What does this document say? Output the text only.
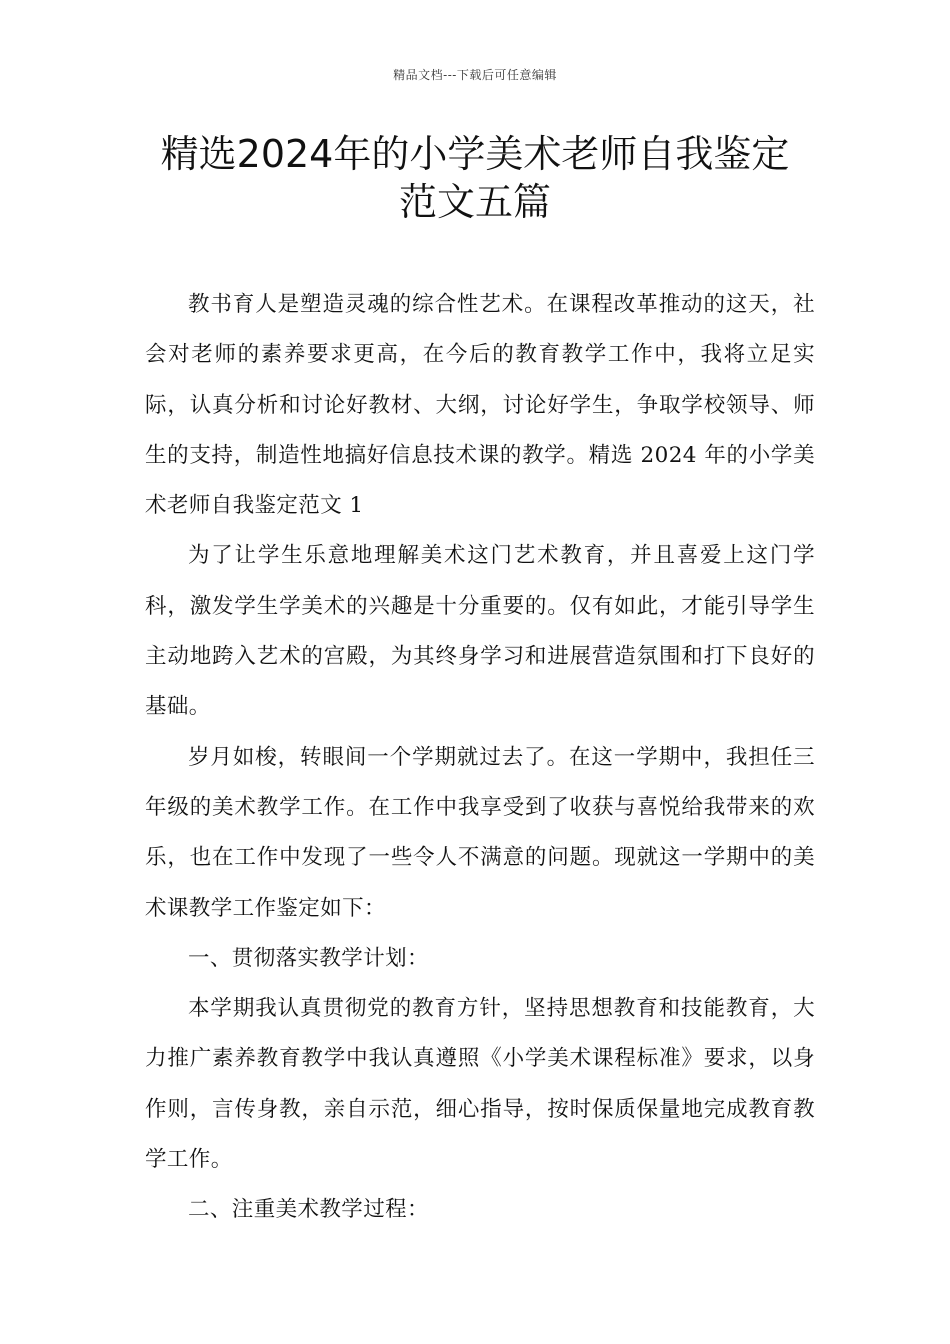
精品文档---下载后可任意编辑
精选2024年的小学美术老师自我鉴定
范文五篇

教书育人是塑造灵魂的综合性艺术。在课程改革推动的这天，社会对老师的素养要求更高，在今后的教育教学工作中，我将立足实际，认真分析和讨论好教材、大纲，讨论好学生，争取学校领导、师生的支持，制造性地搞好信息技术课的教学。精选 2024 年的小学美术老师自我鉴定范文 1

为了让学生乐意地理解美术这门艺术教育，并且喜爱上这门学科，激发学生学美术的兴趣是十分重要的。仅有如此，才能引导学生主动地跨入艺术的宫殿，为其终身学习和进展营造氛围和打下良好的基础。

岁月如梭，转眼间一个学期就过去了。在这一学期中，我担任三年级的美术教学工作。在工作中我享受到了收获与喜悦给我带来的欢乐，也在工作中发现了一些令人不满意的问题。现就这一学期中的美术课教学工作鉴定如下：

一、贯彻落实教学计划：

本学期我认真贯彻党的教育方针，坚持思想教育和技能教育，大力推广素养教育教学中我认真遵照《小学美术课程标准》要求，以身作则，言传身教，亲自示范，细心指导，按时保质保量地完成教育教学工作。

二、注重美术教学过程：
